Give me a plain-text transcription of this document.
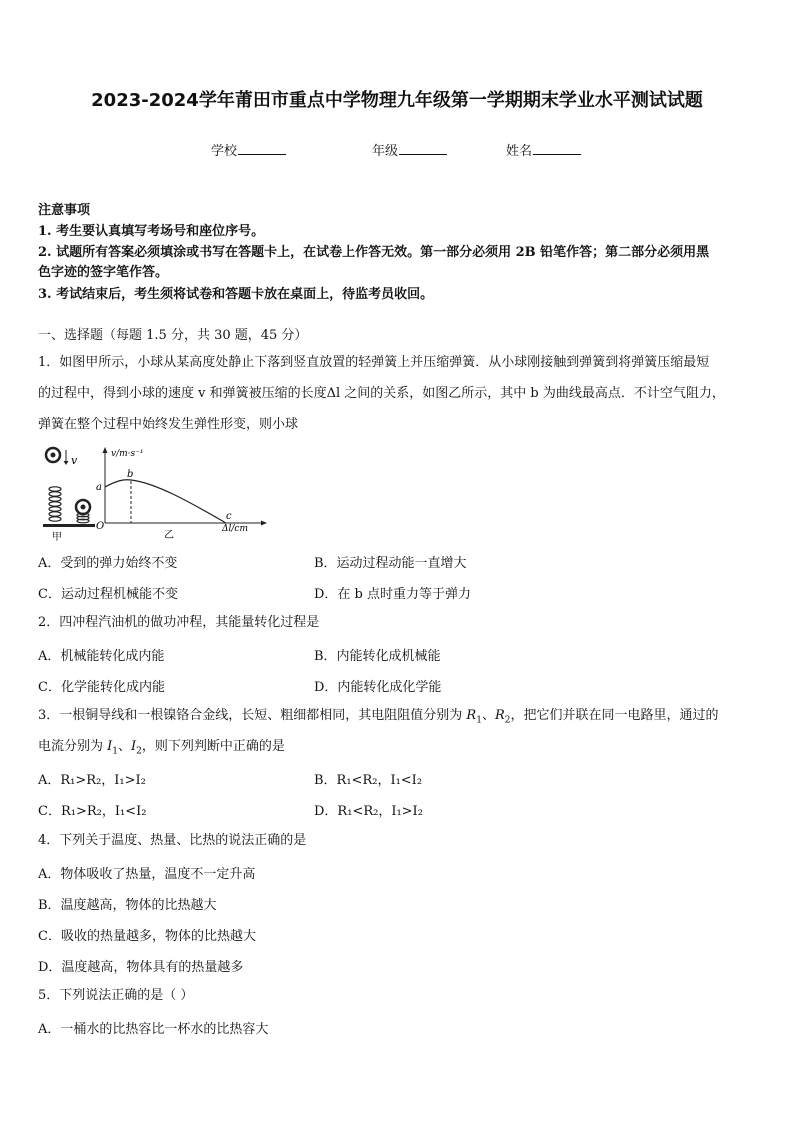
2023-2024学年莆田市重点中学物理九年级第一学期期末学业水平测试试题
学校	年级	姓名
注意事项
1. 考生要认真填写考场号和座位序号。
2. 试题所有答案必须填涂或书写在答题卡上，在试卷上作答无效。第一部分必须用 2B 铅笔作答；第二部分必须用黑
色字迹的签字笔作答。
3. 考试结束后，考生须将试卷和答题卡放在桌面上，待监考员收回。
一、选择题（每题 1.5 分，共 30 题，45 分）
1．如图甲所示，小球从某高度处静止下落到竖直放置的轻弹簧上并压缩弹簧．从小球刚接触到弹簧到将弹簧压缩最短
的过程中，得到小球的速度 v 和弹簧被压缩的长度Δl 之间的关系，如图乙所示，其中 b 为曲线最高点．不计空气阻力，
弹簧在整个过程中始终发生弹性形变，则小球
v
甲
v/m·s⁻¹
Δl/cm
O
a
b
c
乙
A．受到的弹力始终不变	B．运动过程动能一直增大
C．运动过程机械能不变	D．在 b 点时重力等于弹力
2．四冲程汽油机的做功冲程，其能量转化过程是
A．机械能转化成内能	B．内能转化成机械能
C．化学能转化成内能	D．内能转化成化学能
3．一根铜导线和一根镍铬合金线，长短、粗细都相同，其电阻阻值分别为 $R_1$、$R_2$，把它们并联在同一电路里，通过的
电流分别为 $I_1$、$I_2$，则下列判断中正确的是
A．R₁>R₂，I₁>I₂	B．R₁<R₂，I₁<I₂
C．R₁>R₂，I₁<I₂	D．R₁<R₂，I₁>I₂
4．下列关于温度、热量、比热的说法正确的是
A．物体吸收了热量，温度不一定升高
B．温度越高，物体的比热越大
C．吸收的热量越多，物体的比热越大
D．温度越高，物体具有的热量越多
5．下列说法正确的是（ ）
A．一桶水的比热容比一杯水的比热容大
